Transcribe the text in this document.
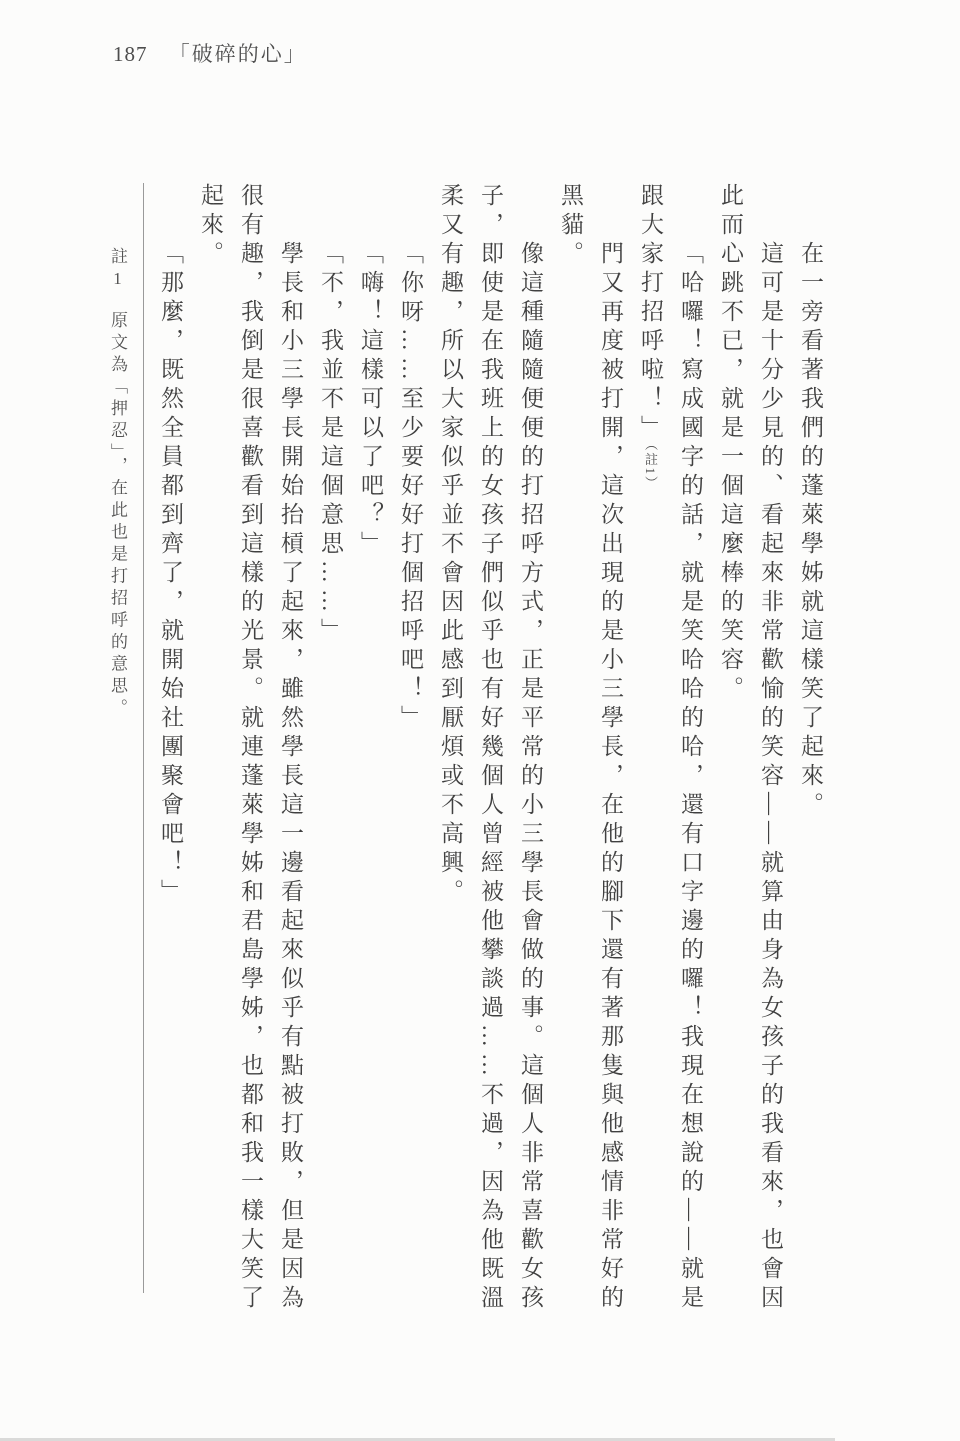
187 「破碎的心」
在一旁看著我們的蓬萊學姊就這樣笑了起來。
這可是十分少見的、看起來非常歡愉的笑容——就算由身為女孩子的我看來，也會因
此而心跳不已，就是一個這麼棒的笑容。
「哈囉！寫成國字的話，就是笑哈哈的哈，還有口字邊的囉！我現在想說的——就是
跟大家打招呼啦！」（註1）
門又再度被打開，這次出現的是小三學長，在他的腳下還有著那隻與他感情非常好的
黑貓。
像這種隨隨便便的打招呼方式，正是平常的小三學長會做的事。這個人非常喜歡女孩
子，即使是在我班上的女孩子們似乎也有好幾個人曾經被他攀談過……不過，因為他既溫
柔又有趣，所以大家似乎並不會因此感到厭煩或不高興。
「你呀……至少要好好打個招呼吧！」
「嗨！這樣可以了吧？」
「不，我並不是這個意思……」
學長和小三學長開始抬槓了起來，雖然學長這一邊看起來似乎有點被打敗，但是因為
很有趣，我倒是很喜歡看到這樣的光景。就連蓬萊學姊和君島學姊，也都和我一樣大笑了
起來。
「那麼，既然全員都到齊了，就開始社團聚會吧！」
註1原文為「押忍」，在此也是打招呼的意思。
